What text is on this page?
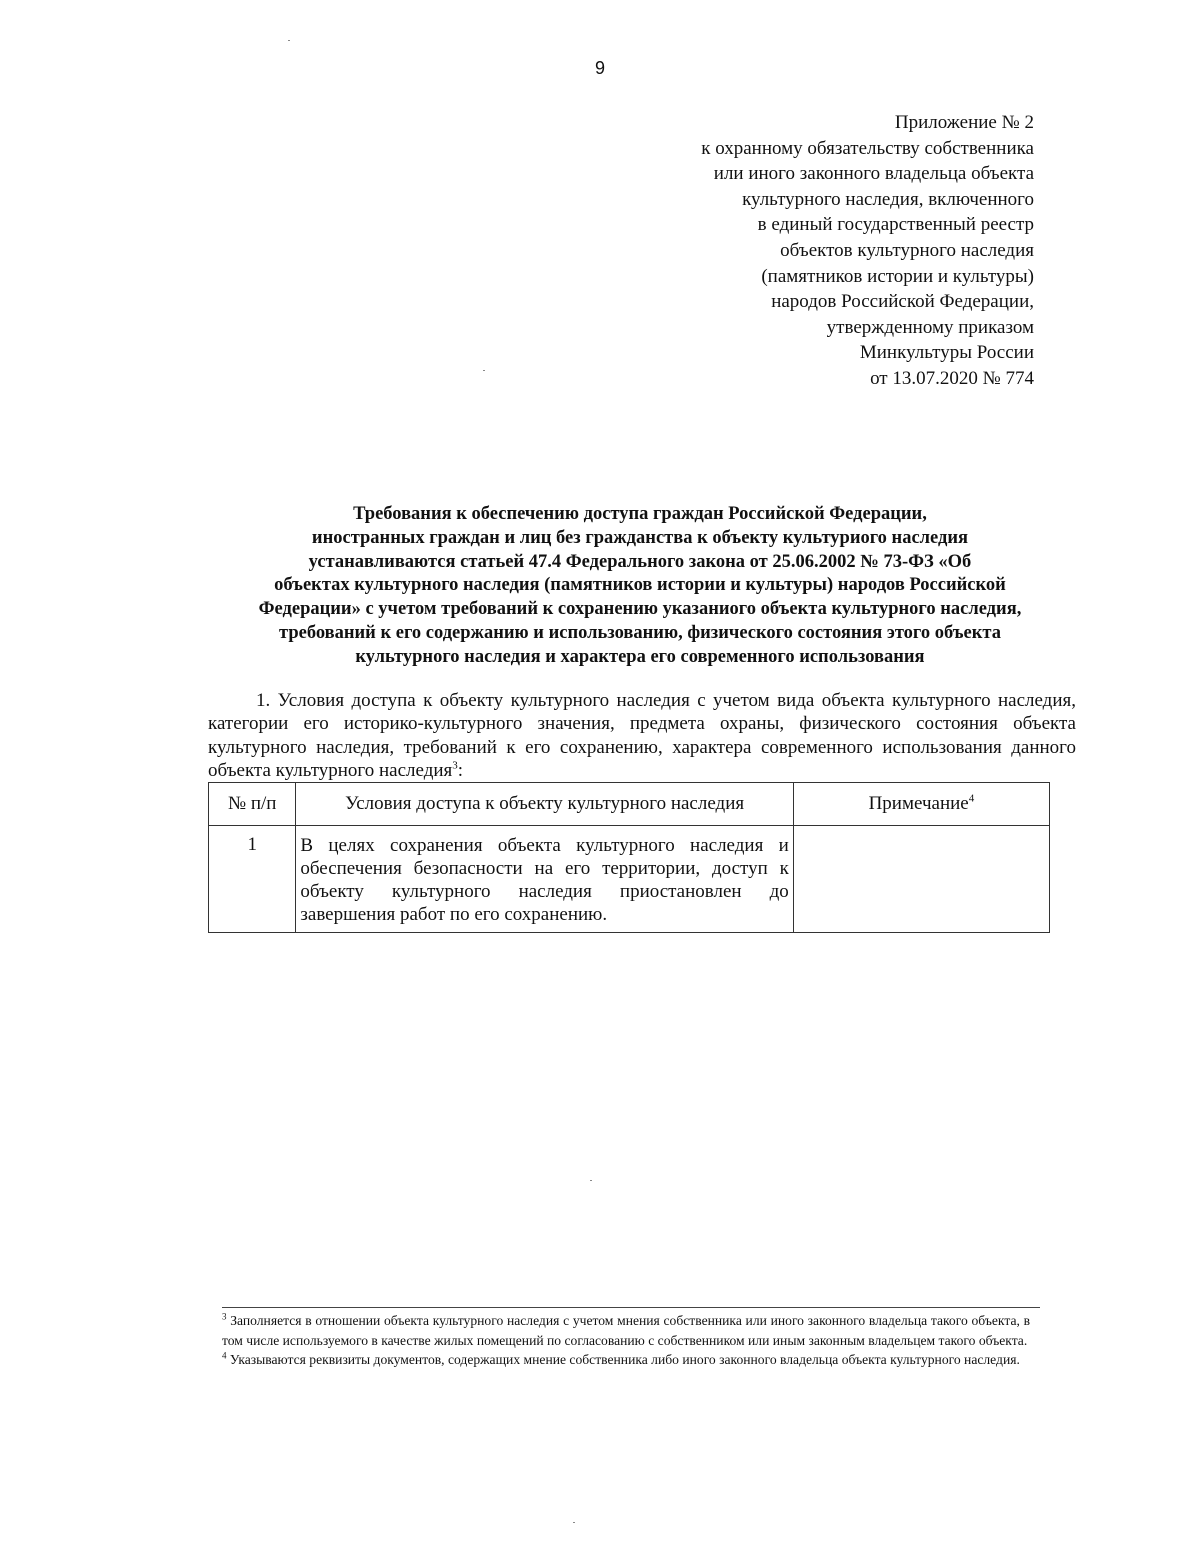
9
Приложение № 2
к охранному обязательству собственника
или иного законного владельца объекта
культурного наследия, включенного
в единый государственный реестр
объектов культурного наследия
(памятников истории и культуры)
народов Российской Федерации,
утвержденному приказом
Минкультуры России
от 13.07.2020 № 774
Требования к обеспечению доступа граждан Российской Федерации,
иностранных граждан и лиц без гражданства к объекту культуриого наследия
устанавливаются статьей 47.4 Федерального закона от 25.06.2002 № 73-ФЗ «Об
объектах культурного наследия (памятников истории и культуры) народов Российской
Федерации» с учетом требований к сохранению указаниого объекта культурного наследия,
требований к его содержанию и использованию, физического состояния этого объекта
культурного наследия и характера его современного использования
1. Условия доступа к объекту культурного наследия с учетом вида объекта культурного наследия, категории его историко-культурного значения, предмета охраны, физического состояния объекта культурного наследия, требований к его сохранению, характера современного использования данного объекта культурного наследия$^3$:
№ п/п	Условия доступа к объекту культурного наследия	Примечание$^4$
1	В целях сохранения объекта культурного наследия и обеспечения безопасности на его территории, доступ к объекту культурного наследия приостановлен до завершения работ по его сохранению.	

$^3$ Заполняется в отношении объекта культурного наследия с учетом мнения собственника или иного законного владельца такого объекта, в том числе используемого в качестве жилых помещений по согласованию с собственником или иным законным владельцем такого объекта.

$^4$ Указываются реквизиты документов, содержащих мнение собственника либо иного законного владельца объекта культурного наследия.
